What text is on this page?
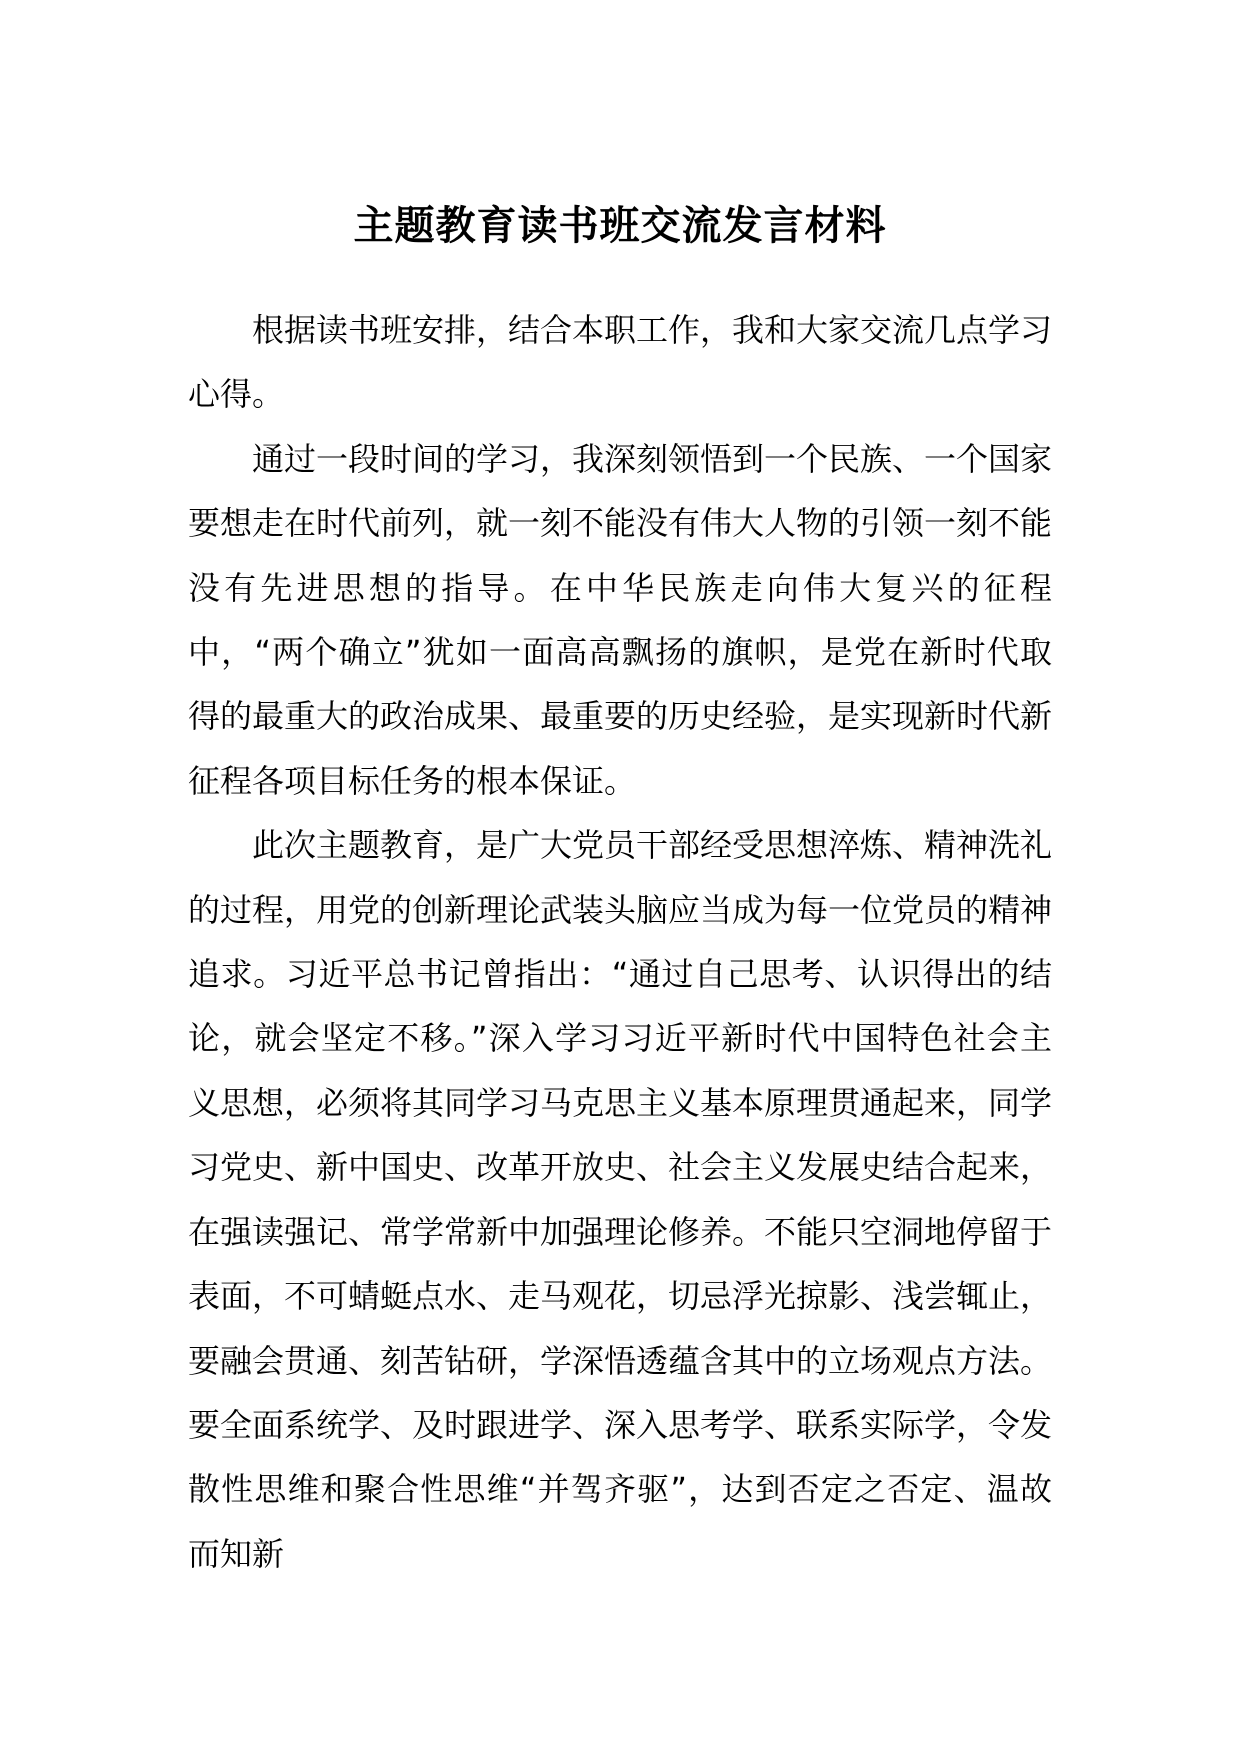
主题教育读书班交流发言材料

根据读书班安排，结合本职工作，我和大家交流几点学习心得。

通过一段时间的学习，我深刻领悟到一个民族、一个国家要想走在时代前列，就一刻不能没有伟大人物的引领一刻不能没有先进思想的指导。在中华民族走向伟大复兴的征程中，“两个确立”犹如一面高高飘扬的旗帜，是党在新时代取得的最重大的政治成果、最重要的历史经验，是实现新时代新征程各项目标任务的根本保证。

此次主题教育，是广大党员干部经受思想淬炼、精神洗礼的过程，用党的创新理论武装头脑应当成为每一位党员的精神追求。习近平总书记曾指出：“通过自己思考、认识得出的结论，就会坚定不移。”深入学习习近平新时代中国特色社会主义思想，必须将其同学习马克思主义基本原理贯通起来，同学习党史、新中国史、改革开放史、社会主义发展史结合起来，在强读强记、常学常新中加强理论修养。不能只空洞地停留于表面，不可蜻蜓点水、走马观花，切忌浮光掠影、浅尝辄止，要融会贯通、刻苦钻研，学深悟透蕴含其中的立场观点方法。要全面系统学、及时跟进学、深入思考学、联系实际学，令发散性思维和聚合性思维“并驾齐驱”，达到否定之否定、温故而知新
